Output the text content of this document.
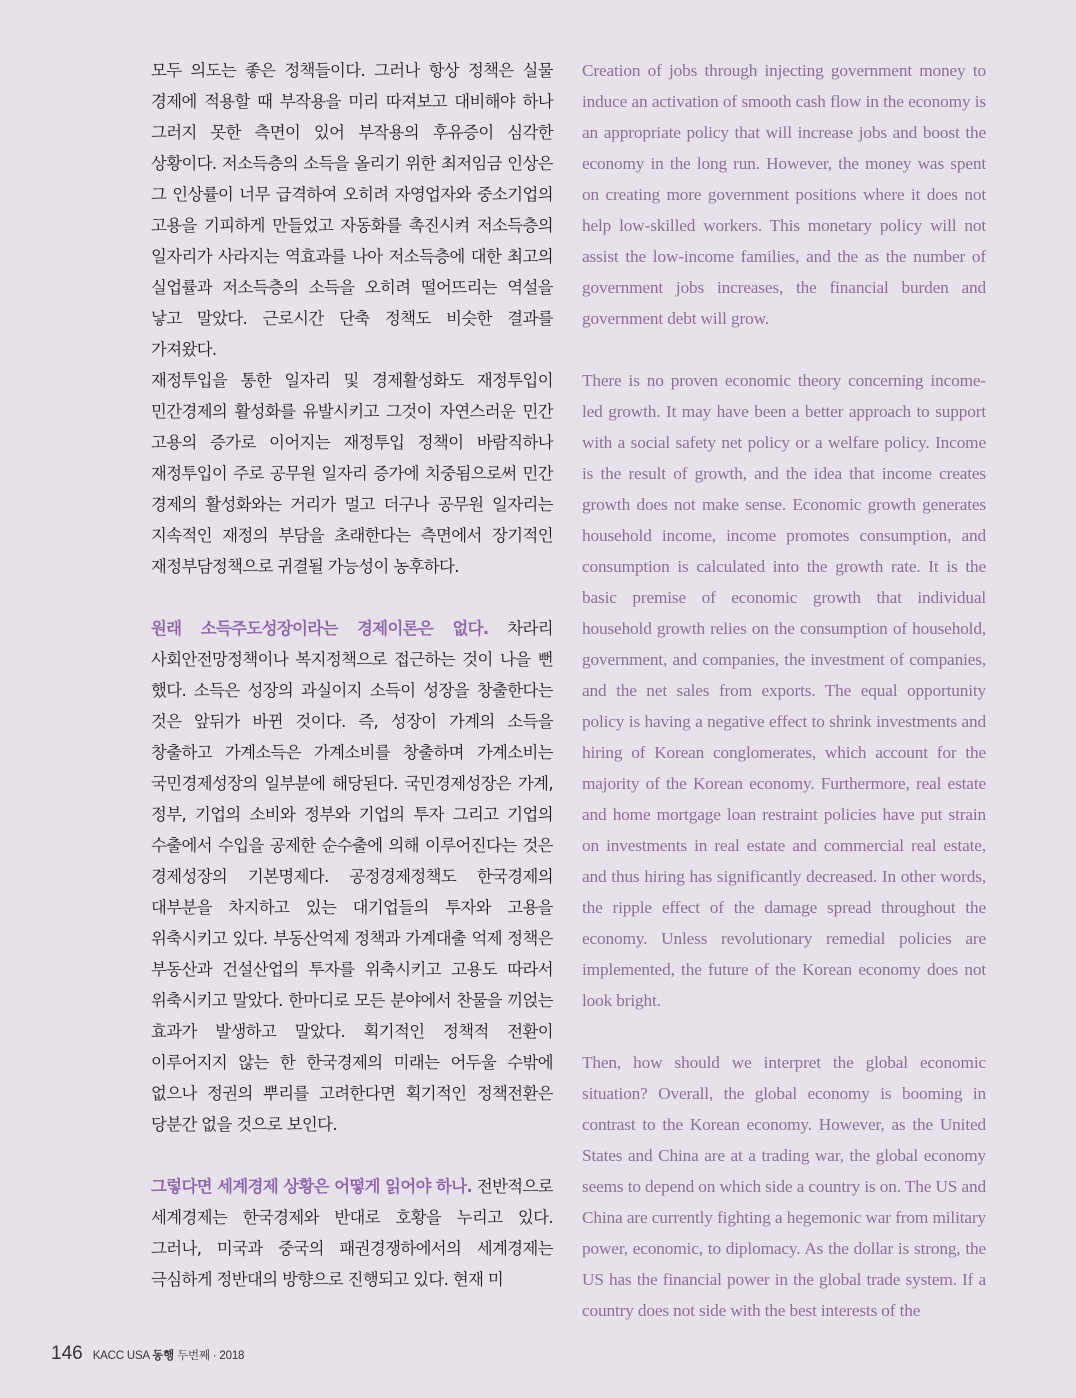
모두 의도는 좋은 정책들이다. 그러나 항상 정책은 실물 경제에 적용할 때 부작용을 미리 따져보고 대비해야 하나 그러지 못한 측면이 있어 부작용의 후유증이 심각한 상황이다. 저소득층의 소득을 올리기 위한 최저임금 인상은 그 인상률이 너무 급격하여 오히려 자영업자와 중소기업의 고용을 기피하게 만들었고 자동화를 촉진시켜 저소득층의 일자리가 사라지는 역효과를 나아 저소득층에 대한 최고의 실업률과 저소득층의 소득을 오히려 떨어뜨리는 역설을 낳고 말았다. 근로시간 단축 정책도 비슷한 결과를 가져왔다.

재정투입을 통한 일자리 및 경제활성화도 재정투입이 민간경제의 활성화를 유발시키고 그것이 자연스러운 민간 고용의 증가로 이어지는 재정투입 정책이 바람직하나 재정투입이 주로 공무원 일자리 증가에 치중됨으로써 민간 경제의 활성화와는 거리가 멀고 더구나 공무원 일자리는 지속적인 재정의 부담을 초래한다는 측면에서 장기적인 재정부담정책으로 귀결될 가능성이 농후하다.

원래 소득주도성장이라는 경제이론은 없다. 차라리 사회안전망정책이나 복지정책으로 접근하는 것이 나을 뻔 했다. 소득은 성장의 과실이지 소득이 성장을 창출한다는 것은 앞뒤가 바뀐 것이다. 즉, 성장이 가계의 소득을 창출하고 가계소득은 가계소비를 창출하며 가계소비는 국민경제성장의 일부분에 해당된다. 국민경제성장은 가계, 정부, 기업의 소비와 정부와 기업의 투자 그리고 기업의 수출에서 수입을 공제한 순수출에 의해 이루어진다는 것은 경제성장의 기본명제다. 공정경제정책도 한국경제의 대부분을 차지하고 있는 대기업들의 투자와 고용을 위축시키고 있다. 부동산억제 정책과 가계대출 억제 정책은 부동산과 건설산업의 투자를 위축시키고 고용도 따라서 위축시키고 말았다. 한마디로 모든 분야에서 찬물을 끼얹는 효과가 발생하고 말았다. 획기적인 정책적 전환이 이루어지지 않는 한 한국경제의 미래는 어두울 수밖에 없으나 정권의 뿌리를 고려한다면 획기적인 정책전환은 당분간 없을 것으로 보인다.

그렇다면 세계경제 상황은 어떻게 읽어야 하나. 전반적으로 세계경제는 한국경제와 반대로 호황을 누리고 있다. 그러나, 미국과 중국의 패권경쟁하에서의 세계경제는 극심하게 정반대의 방향으로 진행되고 있다. 현재 미

Creation of jobs through injecting government money to induce an activation of smooth cash flow in the economy is an appropriate policy that will increase jobs and boost the economy in the long run. However, the money was spent on creating more government positions where it does not help low-skilled workers. This monetary policy will not assist the low-income families, and the as the number of government jobs increases, the financial burden and government debt will grow.

There is no proven economic theory concerning income-led growth. It may have been a better approach to support with a social safety net policy or a welfare policy. Income is the result of growth, and the idea that income creates growth does not make sense. Economic growth generates household income, income promotes consumption, and consumption is calculated into the growth rate. It is the basic premise of economic growth that individual household growth relies on the consumption of household, government, and companies, the investment of companies, and the net sales from exports. The equal opportunity policy is having a negative effect to shrink investments and hiring of Korean conglomerates, which account for the majority of the Korean economy. Furthermore, real estate and home mortgage loan restraint policies have put strain on investments in real estate and commercial real estate, and thus hiring has significantly decreased. In other words, the ripple effect of the damage spread throughout the economy. Unless revolutionary remedial policies are implemented, the future of the Korean economy does not look bright.

Then, how should we interpret the global economic situation? Overall, the global economy is booming in contrast to the Korean economy. However, as the United States and China are at a trading war, the global economy seems to depend on which side a country is on. The US and China are currently fighting a hegemonic war from military power, economic, to diplomacy. As the dollar is strong, the US has the financial power in the global trade system. If a country does not side with the best interests of the

146 KACC USA 동행 두번째 · 2018
